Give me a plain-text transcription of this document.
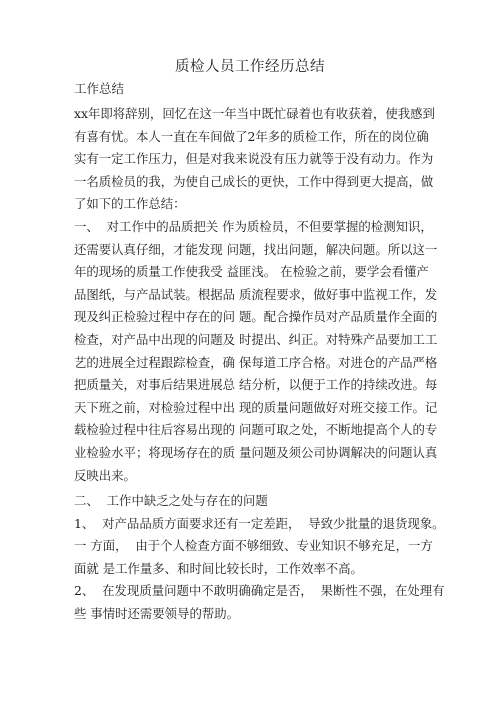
质检人员工作经历总结
工作总结
xx年即将辞别，回忆在这一年当中既忙碌着也有收获着，使我感到
有喜有忧。本人一直在车间做了2年多的质检工作，所在的岗位确
实有一定工作压力，但是对我来说没有压力就等于没有动力。作为
一名质检员的我，为使自己成长的更快，工作中得到更大提高，做
了如下的工作总结：
一、  对工作中的品质把关 作为质检员，不但要掌握的检测知识，
还需要认真仔细，才能发现 问题，找出问题，解决问题。所以这一
年的现场的质量工作使我受 益匪浅。 在检验之前，要学会看懂产
品图纸，与产品试装。根据品 质流程要求，做好事中监视工作，发
现及纠正检验过程中存在的问 题。配合操作员对产品质量作全面的
检查，对产品中出现的问题及 时提出、纠正。对特殊产品要加工工
艺的进展全过程跟踪检查，确 保每道工序合格。对进仓的产品严格
把质量关，对事后结果进展总 结分析，以便于工作的持续改进。每
天下班之前，对检验过程中出 现的质量问题做好对班交接工作。记
载检验过程中往后容易出现的 问题可取之处，不断地提高个人的专
业检验水平；将现场存在的质 量问题及须公司协调解决的问题认真
反映出来。
二、  工作中缺乏之处与存在的问题
1、  对产品品质方面要求还有一定差距，  导致少批量的退货现象。
一 方面，  由于个人检查方面不够细致、专业知识不够充足，一方
面就 是工作量多、和时间比较长时，工作效率不高。
2、  在发现质量问题中不敢明确确定是否，  果断性不强，在处理有
些 事情时还需要领导的帮助。
